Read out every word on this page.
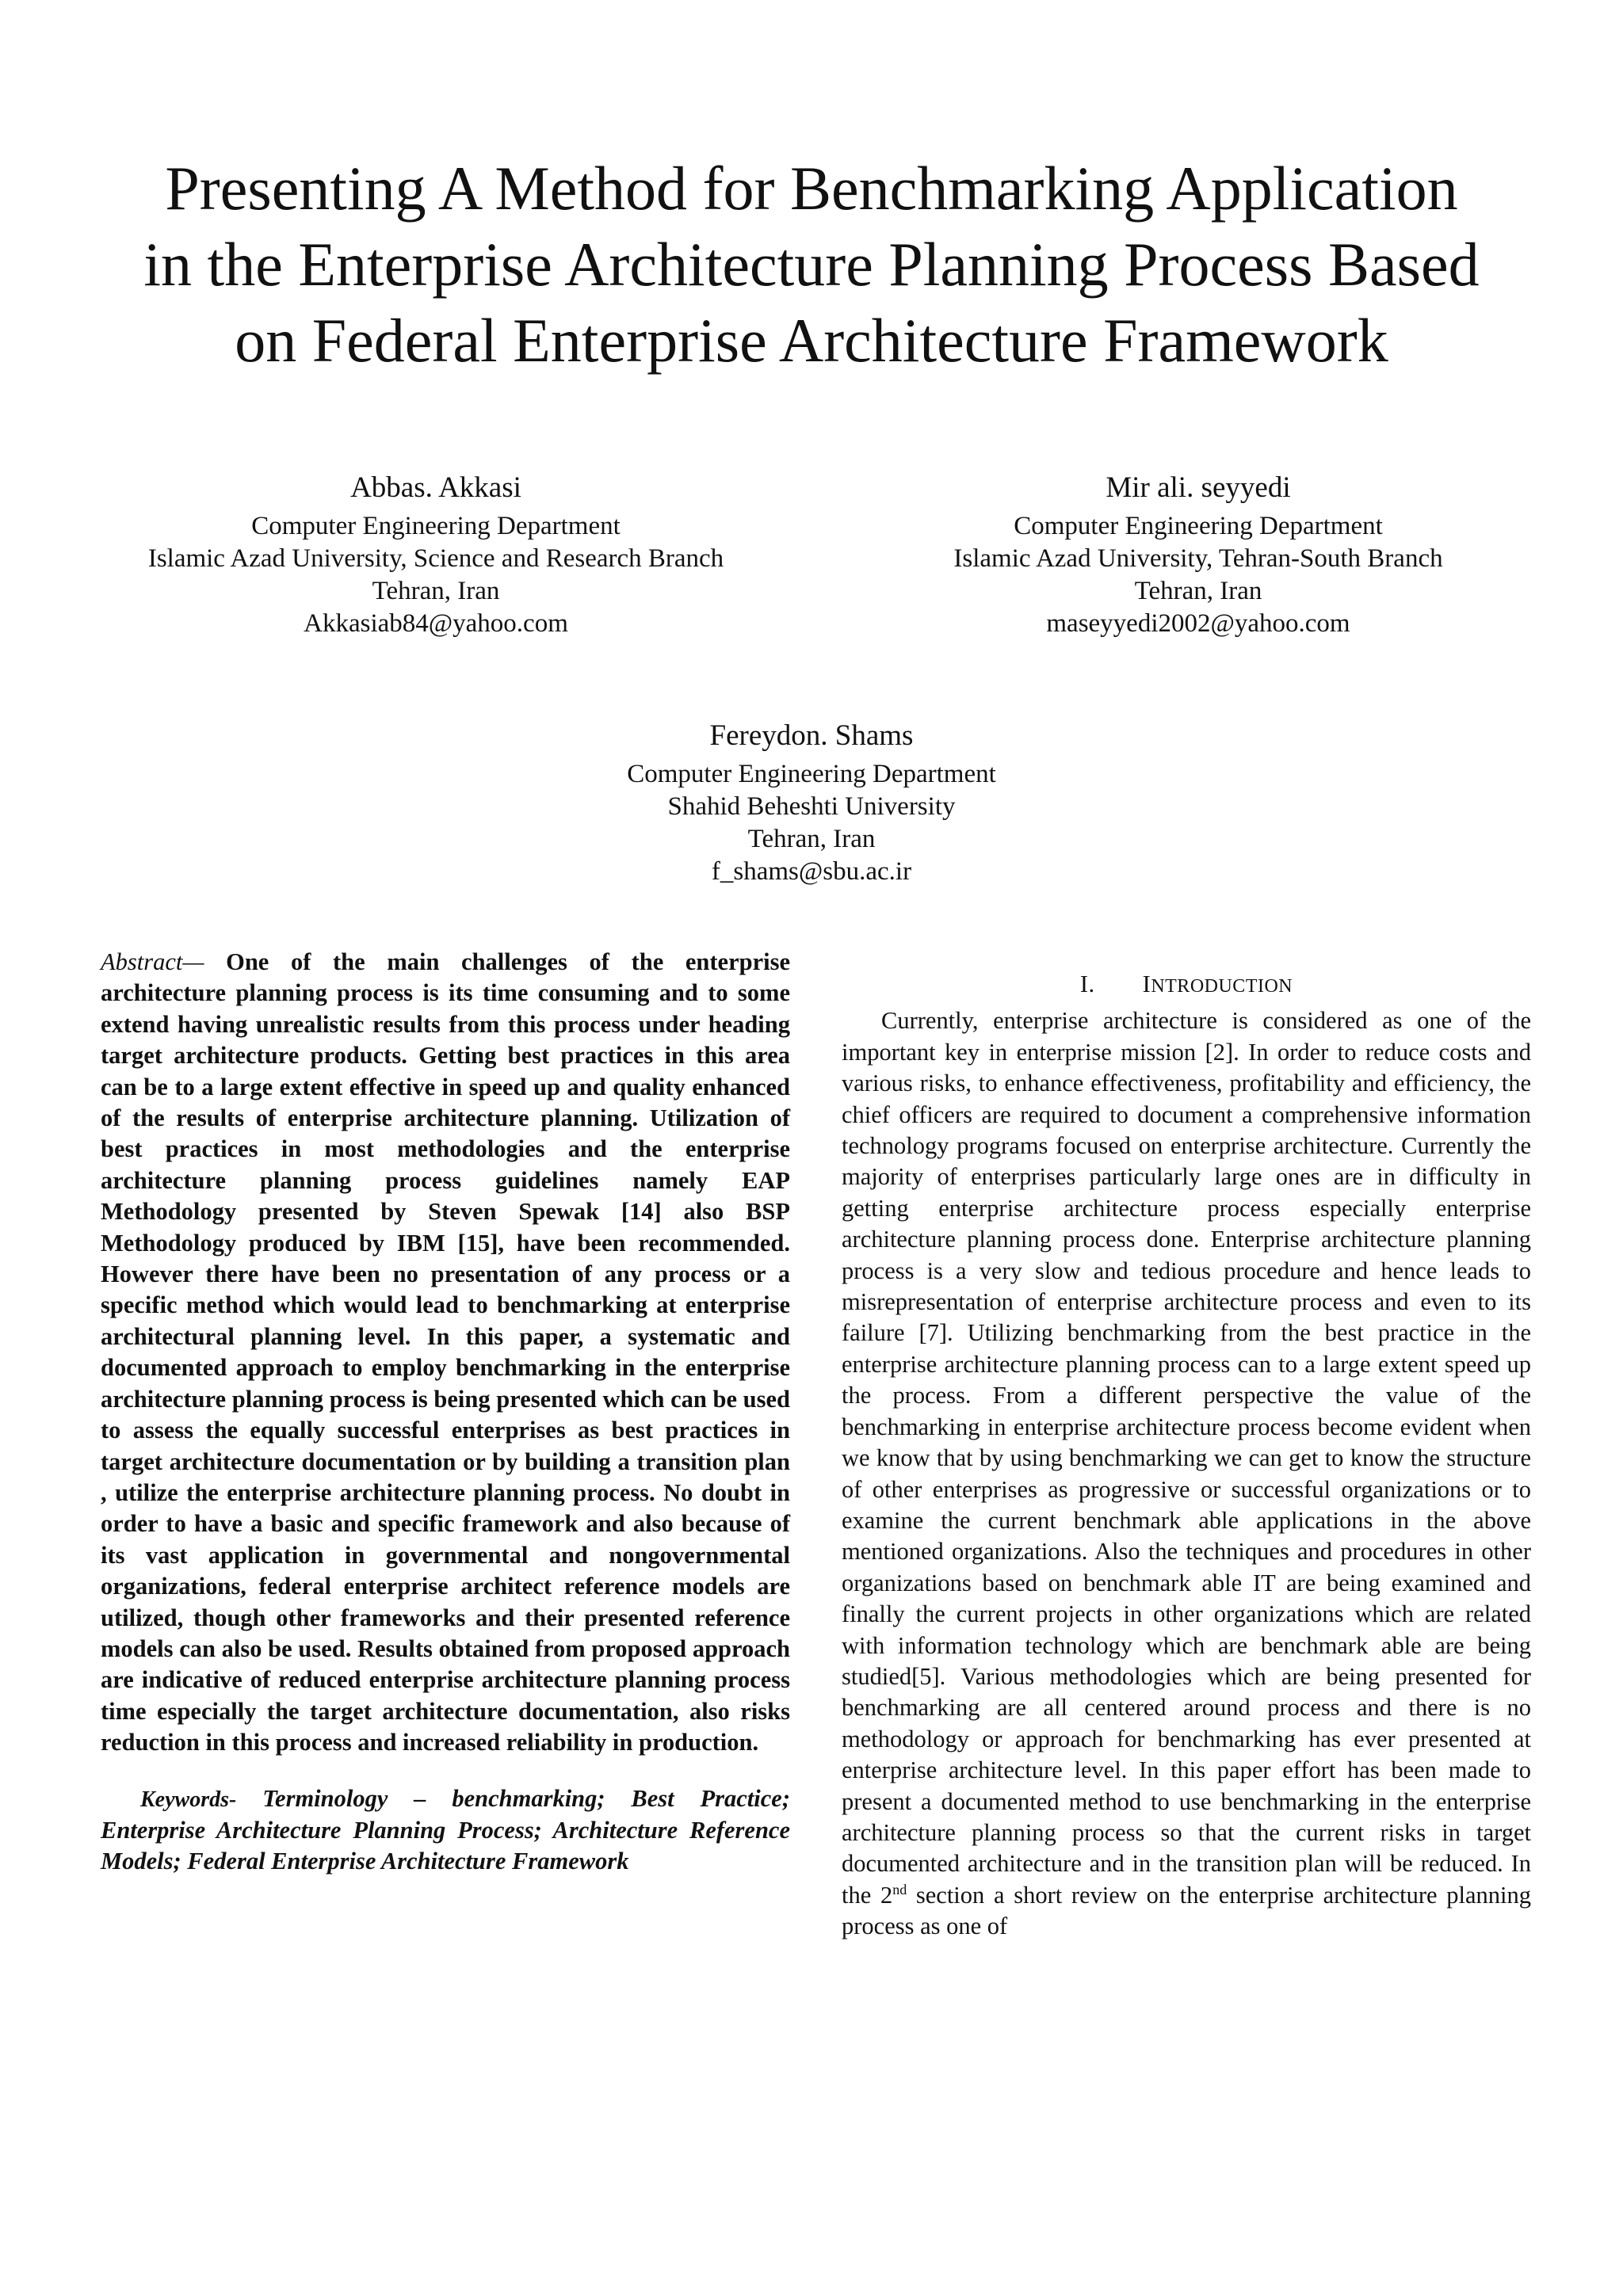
Presenting A Method for Benchmarking Application
in the Enterprise Architecture Planning Process Based
on Federal Enterprise Architecture Framework
Abbas. Akkasi
Computer Engineering Department
Islamic Azad University, Science and Research Branch
Tehran, Iran
Akkasiab84@yahoo.com
Mir ali. seyyedi
Computer Engineering Department
Islamic Azad University, Tehran-South Branch
Tehran, Iran
maseyyedi2002@yahoo.com
Fereydon. Shams
Computer Engineering Department
Shahid Beheshti University
Tehran, Iran
f_shams@sbu.ac.ir

Abstract— One of the main challenges of the enterprise architecture planning process is its time consuming and to some extend having unrealistic results from this process under heading target architecture products. Getting best practices in this area can be to a large extent effective in speed up and quality enhanced of the results of enterprise architecture planning. Utilization of best practices in most methodologies and the enterprise architecture planning process guidelines namely EAP Methodology presented by Steven Spewak [14] also BSP Methodology produced by IBM [15], have been recommended. However there have been no presentation of any process or a specific method which would lead to benchmarking at enterprise architectural planning level. In this paper, a systematic and documented approach to employ benchmarking in the enterprise architecture planning process is being presented which can be used to assess the equally successful enterprises as best practices in target architecture documentation or by building a transition plan , utilize the enterprise architecture planning process. No doubt in order to have a basic and specific framework and also because of its vast application in governmental and nongovernmental organizations, federal enterprise architect reference models are utilized, though other frameworks and their presented reference models can also be used. Results obtained from proposed approach are indicative of reduced enterprise architecture planning process time especially the target architecture documentation, also risks reduction in this process and increased reliability in production.

Keywords- Terminology – benchmarking; Best Practice; Enterprise Architecture Planning Process; Architecture Reference Models; Federal Enterprise Architecture Framework

I. INTRODUCTION

Currently, enterprise architecture is considered as one of the important key in enterprise mission [2]. In order to reduce costs and various risks, to enhance effectiveness, profitability and efficiency, the chief officers are required to document a comprehensive information technology programs focused on enterprise architecture. Currently the majority of enterprises particularly large ones are in difficulty in getting enterprise architecture process especially enterprise architecture planning process done. Enterprise architecture planning process is a very slow and tedious procedure and hence leads to misrepresentation of enterprise architecture process and even to its failure [7]. Utilizing benchmarking from the best practice in the enterprise architecture planning process can to a large extent speed up the process. From a different perspective the value of the benchmarking in enterprise architecture process become evident when we know that by using benchmarking we can get to know the structure of other enterprises as progressive or successful organizations or to examine the current benchmark able applications in the above mentioned organizations. Also the techniques and procedures in other organizations based on benchmark able IT are being examined and finally the current projects in other organizations which are related with information technology which are benchmark able are being studied[5]. Various methodologies which are being presented for benchmarking are all centered around process and there is no methodology or approach for benchmarking has ever presented at enterprise architecture level. In this paper effort has been made to present a documented method to use benchmarking in the enterprise architecture planning process so that the current risks in target documented architecture and in the transition plan will be reduced. In the 2nd section a short review on the enterprise architecture planning process as one of
